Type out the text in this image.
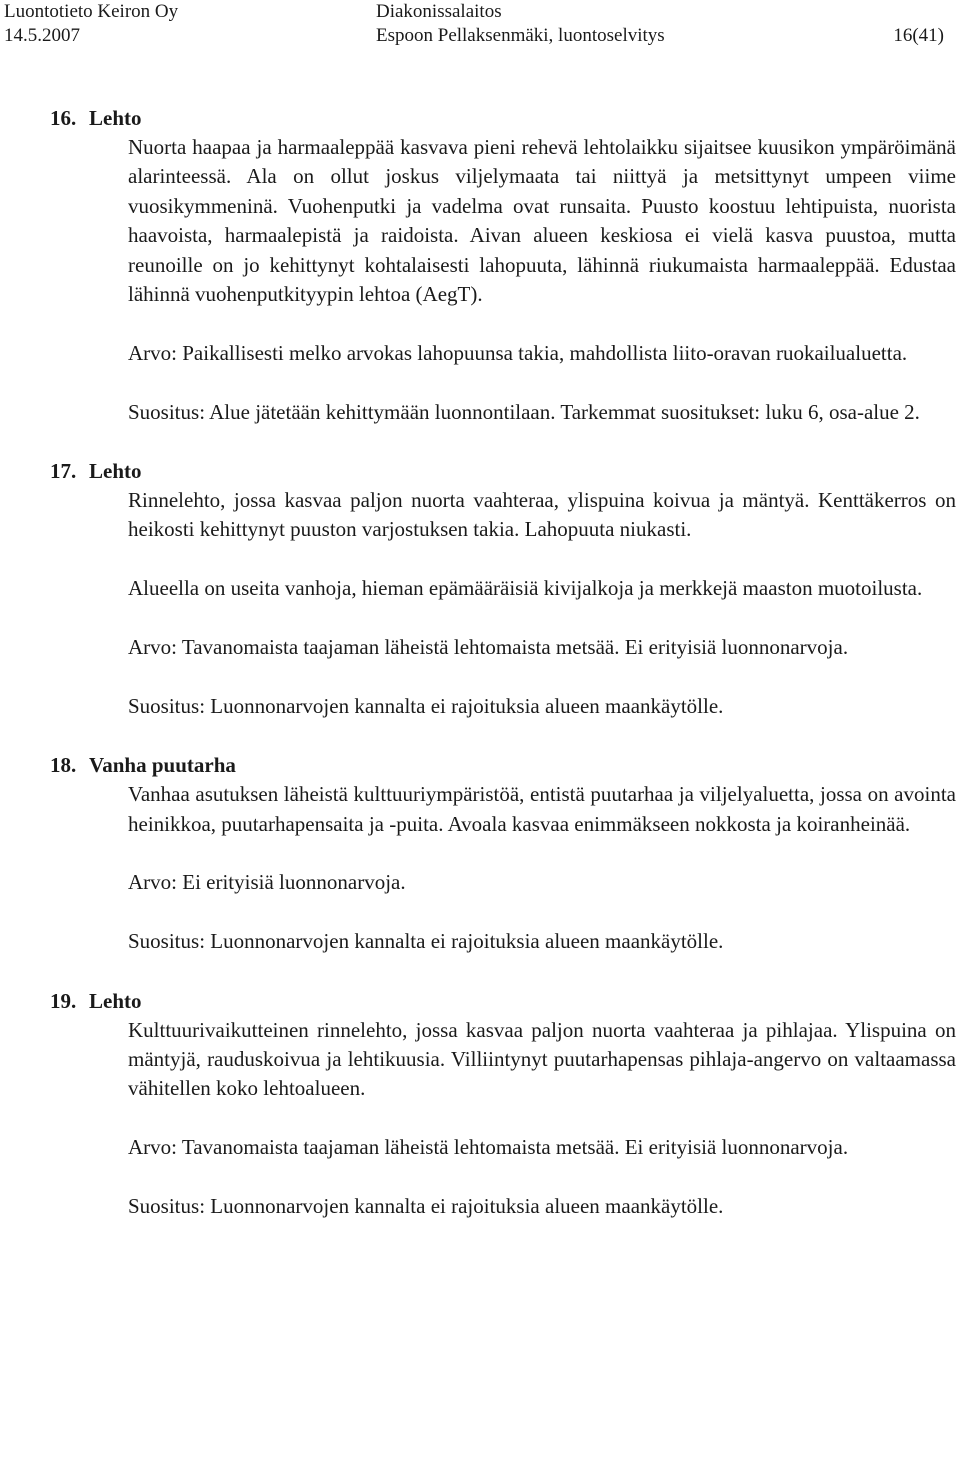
Luontotieto Keiron Oy
14.5.2007
Diakonissalaitos
Espoon Pellaksenmäki, luontoselvitys	16(41)
16. Lehto

Nuorta haapaa ja harmaaleppää kasvava pieni rehevä lehtolaikku sijaitsee kuusikon ympäröimänä alarinteessä. Ala on ollut joskus viljelymaata tai niittyä ja metsittynyt umpeen viime vuosikymmeninä. Vuohenputki ja vadelma ovat runsaita. Puusto koostuu lehtipuista, nuorista haavoista, harmaalepistä ja raidoista. Aivan alueen keskiosa ei vielä kasva puustoa, mutta reunoille on jo kehittynyt kohtalaisesti lahopuuta, lähinnä riukumaista harmaaleppää. Edustaa lähinnä vuohenputkityypin lehtoa (AegT).

Arvo: Paikallisesti melko arvokas lahopuunsa takia, mahdollista liito-oravan ruokailualuetta.

Suositus: Alue jätetään kehittymään luonnontilaan. Tarkemmat suositukset: luku 6, osa-alue 2.

17. Lehto

Rinnelehto, jossa kasvaa paljon nuorta vaahteraa, ylispuina koivua ja mäntyä. Kenttäkerros on heikosti kehittynyt puuston varjostuksen takia. Lahopuuta niukasti.

Alueella on useita vanhoja, hieman epämääräisiä kivijalkoja ja merkkejä maaston muotoilusta.

Arvo: Tavanomaista taajaman läheistä lehtomaista metsää. Ei erityisiä luonnonarvoja.

Suositus: Luonnonarvojen kannalta ei rajoituksia alueen maankäytölle.

18. Vanha puutarha

Vanhaa asutuksen läheistä kulttuuriympäristöä, entistä puutarhaa ja viljelyaluetta, jossa on avointa heinikkoa, puutarhapensaita ja -puita. Avoala kasvaa enimmäkseen nokkosta ja koiranheinää.

Arvo: Ei erityisiä luonnonarvoja.

Suositus: Luonnonarvojen kannalta ei rajoituksia alueen maankäytölle.

19. Lehto

Kulttuurivaikutteinen rinnelehto, jossa kasvaa paljon nuorta vaahteraa ja pihlajaa. Ylispuina on mäntyjä, rauduskoivua ja lehtikuusia. Villiintynyt puutarhapensas pihlaja-angervo on valtaamassa vähitellen koko lehtoalueen.

Arvo: Tavanomaista taajaman läheistä lehtomaista metsää. Ei erityisiä luonnonarvoja.

Suositus: Luonnonarvojen kannalta ei rajoituksia alueen maankäytölle.
